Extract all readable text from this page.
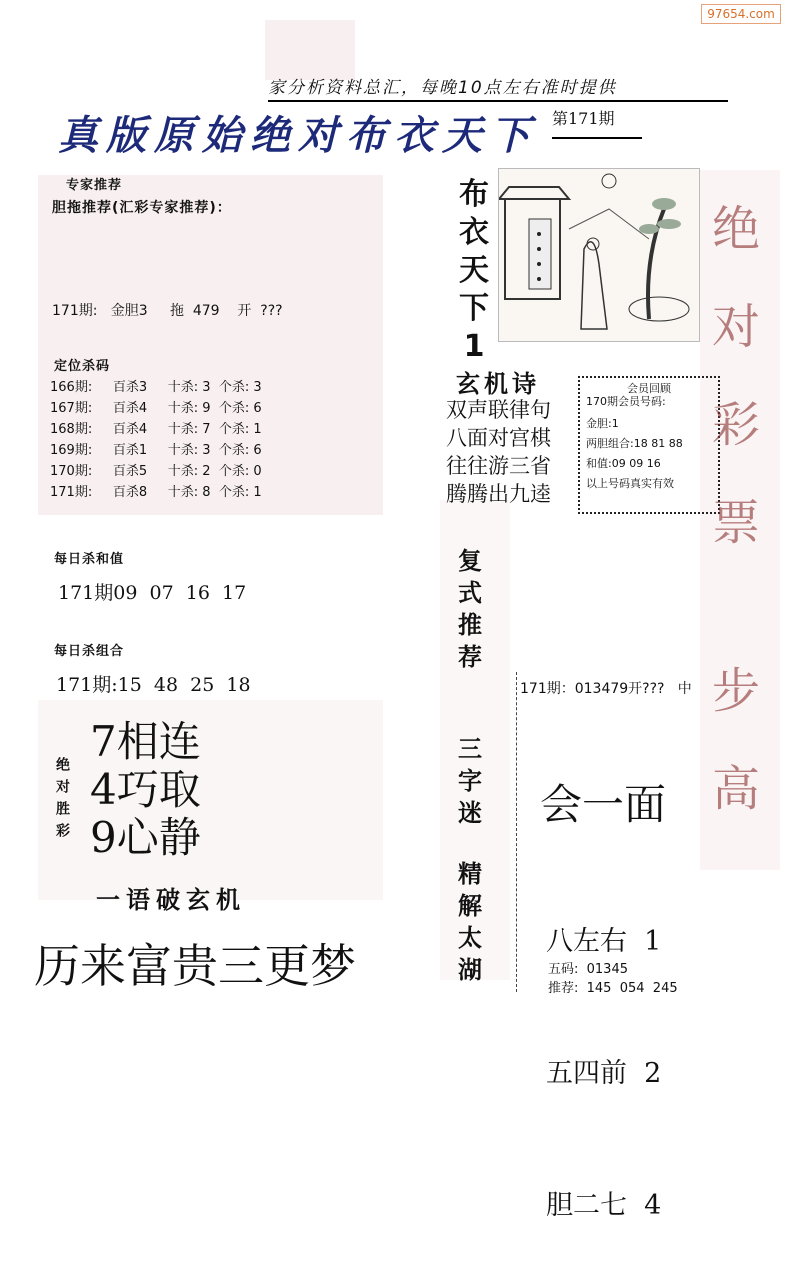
97654.com
家分析资料总汇，每晚10点左右准时提供
真版原始绝对布衣天下 第171期
专家推荐
胆拖推荐(汇彩专家推荐)：
171期:   金胆3     拖  479    开  ???
定位杀码
166期:     百杀3     十杀: 3  个杀: 3
167期:     百杀4     十杀: 9  个杀: 6
168期:     百杀4     十杀: 7  个杀: 1
169期:     百杀1     十杀: 3  个杀: 6
170期:     百杀5     十杀: 2  个杀: 0
171期:     百杀8     十杀: 8  个杀: 1
每日杀和值
171期09  07  16  17
每日杀组合
171期:15  48  25  18
绝对胜彩
7相连
4巧取
9心静
一语破玄机
历来富贵三更梦
布
衣
天
下
1
玄机诗
双声联律句
八面对宫棋
往往游三省
腾腾出九逵
复
式
推
荐
三
字
迷
精
解
太
湖
会员回顾
170期会员号码:
金胆:1
两胆组合:18 81 88
和值:09 09 16
以上号码真实有效
绝
对
彩
票
步
高
171期：013479开???   中
会一面

八左右  1

五四前  2

胆二七  4

五码:  01345
推荐:  145  054  245
